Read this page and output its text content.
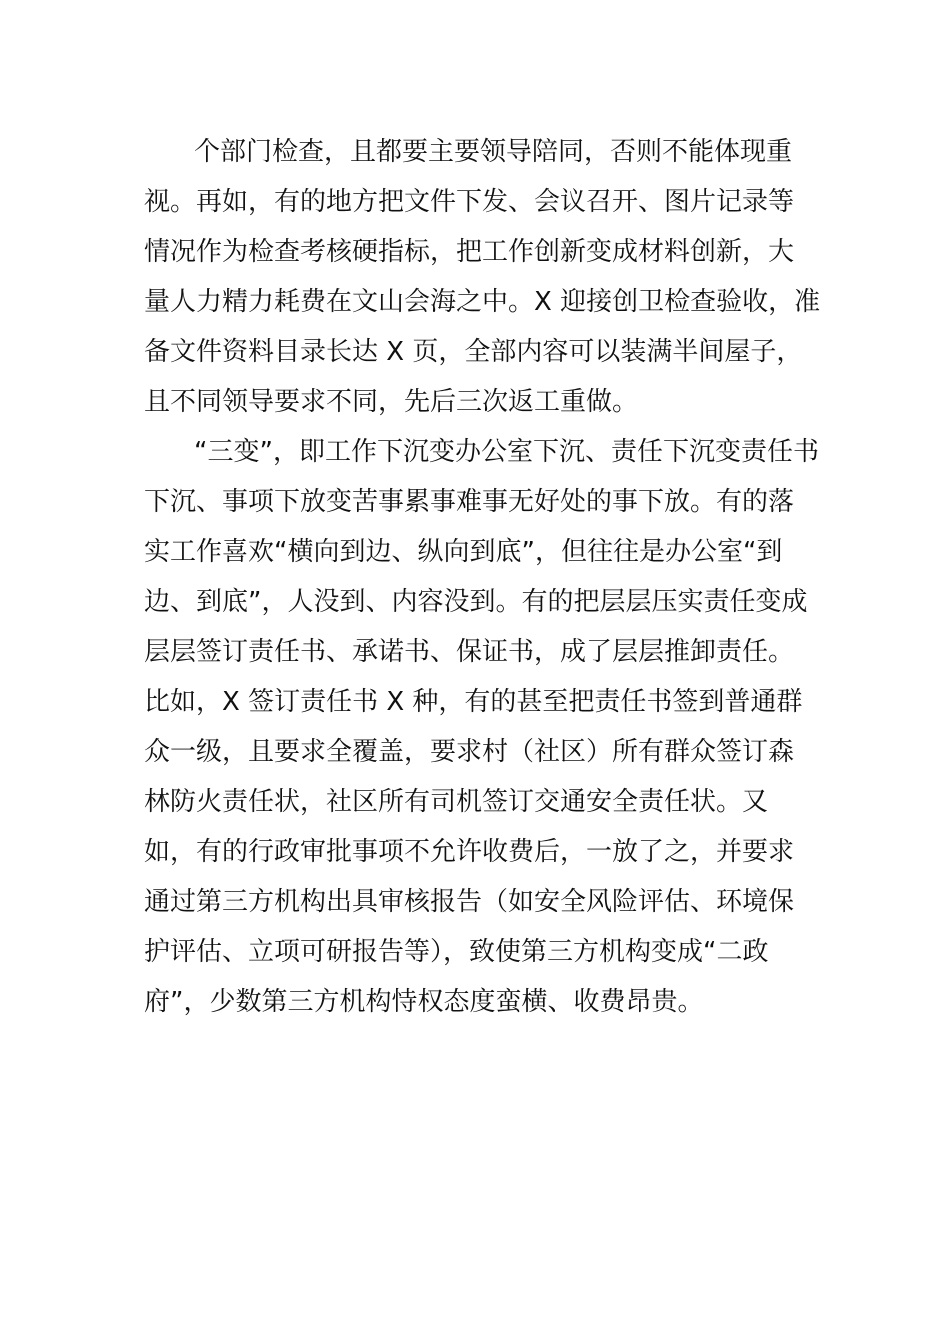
个部门检查，且都要主要领导陪同，否则不能体现重
视。再如，有的地方把文件下发、会议召开、图片记录等
情况作为检查考核硬指标，把工作创新变成材料创新，大
量人力精力耗费在文山会海之中。X 迎接创卫检查验收，准
备文件资料目录长达 X 页，全部内容可以装满半间屋子，
且不同领导要求不同，先后三次返工重做。
“三变”，即工作下沉变办公室下沉、责任下沉变责任书
下沉、事项下放变苦事累事难事无好处的事下放。有的落
实工作喜欢“横向到边、纵向到底”，但往往是办公室“到
边、到底”，人没到、内容没到。有的把层层压实责任变成
层层签订责任书、承诺书、保证书，成了层层推卸责任。
比如，X 签订责任书 X 种，有的甚至把责任书签到普通群
众一级，且要求全覆盖，要求村（社区）所有群众签订森
林防火责任状，社区所有司机签订交通安全责任状。又
如，有的行政审批事项不允许收费后，一放了之，并要求
通过第三方机构出具审核报告（如安全风险评估、环境保
护评估、立项可研报告等），致使第三方机构变成“二政
府”，少数第三方机构恃权态度蛮横、收费昂贵。
